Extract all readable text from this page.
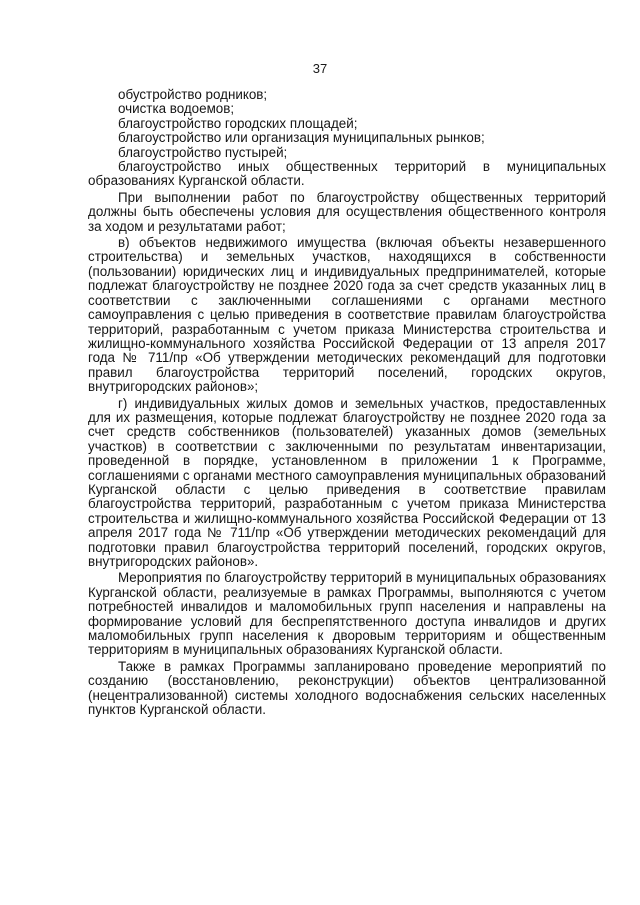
37

обустройство родников;

очистка водоемов;

благоустройство городских площадей;

благоустройство или организация муниципальных рынков;

благоустройство пустырей;

благоустройство иных общественных территорий в муниципальных образованиях Курганской области.

При выполнении работ по благоустройству общественных территорий должны быть обеспечены условия для осуществления общественного контроля за ходом и результатами работ;

в) объектов недвижимого имущества (включая объекты незавершенного строительства) и земельных участков, находящихся в собственности (пользовании) юридических лиц и индивидуальных предпринимателей, которые подлежат благоустройству не позднее 2020 года за счет средств указанных лиц в соответствии с заключенными соглашениями с органами местного самоуправления с целью приведения в соответствие правилам благоустройства территорий, разработанным с учетом приказа Министерства строительства и жилищно-коммунального хозяйства Российской Федерации от 13 апреля 2017 года № 711/пр «Об утверждении методических рекомендаций для подготовки правил благоустройства территорий поселений, городских округов, внутригородских районов»;

г) индивидуальных жилых домов и земельных участков, предоставленных для их размещения, которые подлежат благоустройству не позднее 2020 года за счет средств собственников (пользователей) указанных домов (земельных участков) в соответствии с заключенными по результатам инвентаризации, проведенной в порядке, установленном в приложении 1 к Программе, соглашениями с органами местного самоуправления муниципальных образований Курганской области с целью приведения в соответствие правилам благоустройства территорий, разработанным с учетом приказа Министерства строительства и жилищно-коммунального хозяйства Российской Федерации от 13 апреля 2017 года № 711/пр «Об утверждении методических рекомендаций для подготовки правил благоустройства территорий поселений, городских округов, внутригородских районов».

Мероприятия по благоустройству территорий в муниципальных образованиях Курганской области, реализуемые в рамках Программы, выполняются с учетом потребностей инвалидов и маломобильных групп населения и направлены на формирование условий для беспрепятственного доступа инвалидов и других маломобильных групп населения к дворовым территориям и общественным территориям в муниципальных образованиях Курганской области.

Также в рамках Программы запланировано проведение мероприятий по созданию (восстановлению, реконструкции) объектов централизованной (нецентрализованной) системы холодного водоснабжения сельских населенных пунктов Курганской области.
